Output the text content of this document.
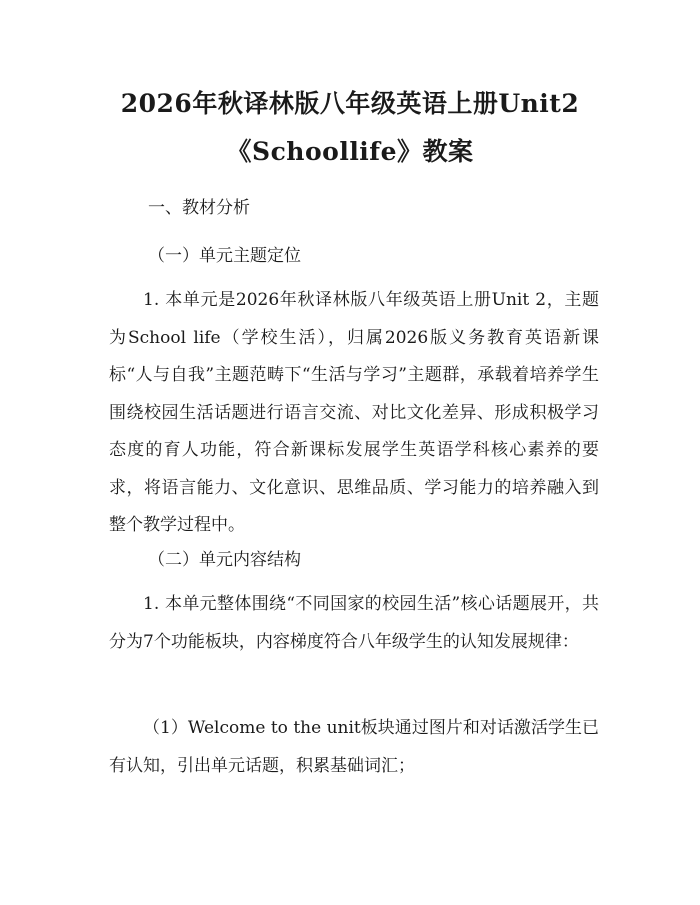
2026年秋译林版八年级英语上册Unit2
《Schoollife》教案
一、教材分析
（一）单元主题定位
1. 本单元是2026年秋译林版八年级英语上册Unit 2，主题为School life（学校生活），归属2026版义务教育英语新课标“人与自我”主题范畴下“生活与学习”主题群，承载着培养学生围绕校园生活话题进行语言交流、对比文化差异、形成积极学习态度的育人功能，符合新课标发展学生英语学科核心素养的要求，将语言能力、文化意识、思维品质、学习能力的培养融入到整个教学过程中。
（二）单元内容结构
1. 本单元整体围绕“不同国家的校园生活”核心话题展开，共分为7个功能板块，内容梯度符合八年级学生的认知发展规律：
（1）Welcome to the unit板块通过图片和对话激活学生已有认知，引出单元话题，积累基础词汇；
